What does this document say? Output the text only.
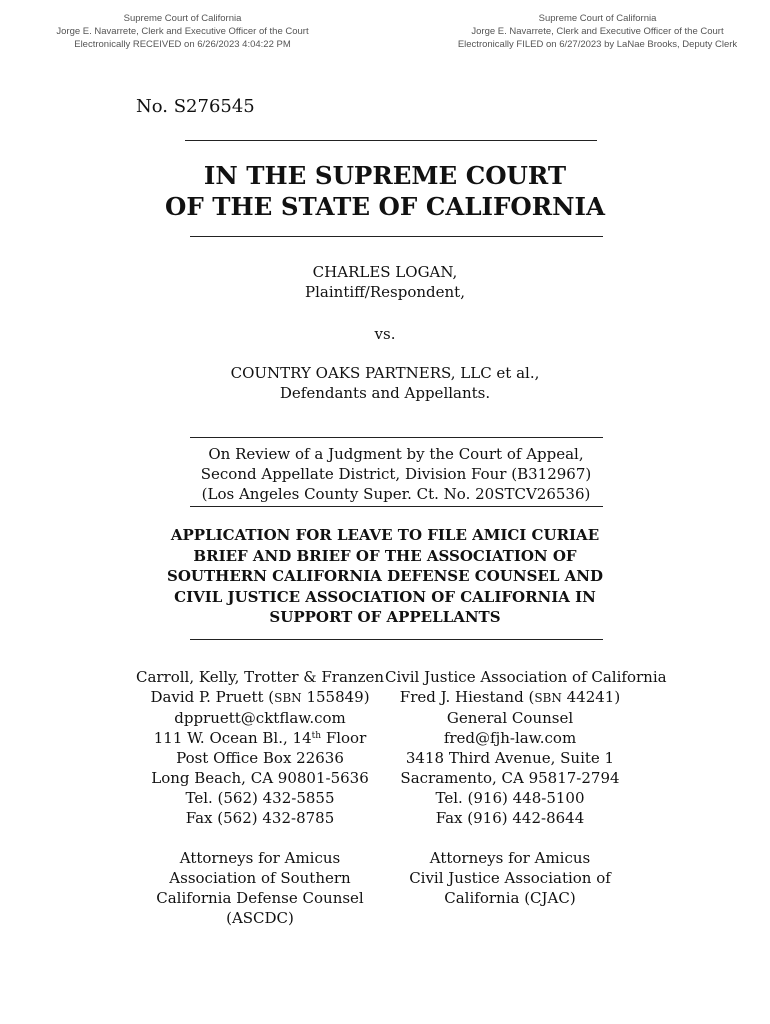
Supreme Court of California
Jorge E. Navarrete, Clerk and Executive Officer of the Court
Electronically RECEIVED on 6/26/2023 4:04:22 PM
Supreme Court of California
Jorge E. Navarrete, Clerk and Executive Officer of the Court
Electronically FILED on 6/27/2023 by LaNae Brooks, Deputy Clerk
No. S276545
IN THE SUPREME COURT
OF THE STATE OF CALIFORNIA
CHARLES LOGAN,
Plaintiff/Respondent,
vs.
COUNTRY OAKS PARTNERS, LLC et al.,
Defendants and Appellants.
On Review of a Judgment by the Court of Appeal,
Second Appellate District, Division Four (B312967)
(Los Angeles County Super. Ct. No. 20STCV26536)
APPLICATION FOR LEAVE TO FILE AMICI CURIAE
BRIEF AND BRIEF OF THE ASSOCIATION OF
SOUTHERN CALIFORNIA DEFENSE COUNSEL AND
CIVIL JUSTICE ASSOCIATION OF CALIFORNIA IN
SUPPORT OF APPELLANTS
Carroll, Kelly, Trotter & Franzen
David P. Pruett (SBN 155849)
dppruett@cktflaw.com
111 W. Ocean Bl., 14th Floor
Post Office Box 22636
Long Beach, CA 90801-5636
Tel. (562) 432-5855
Fax (562) 432-8785
Attorneys for Amicus
Association of Southern
California Defense Counsel
(ASCDC)
Civil Justice Association of California
Fred J. Hiestand (SBN 44241)
General Counsel
fred@fjh-law.com
3418 Third Avenue, Suite 1
Sacramento, CA 95817-2794
Tel. (916) 448-5100
Fax (916) 442-8644
Attorneys for Amicus
Civil Justice Association of
California (CJAC)
